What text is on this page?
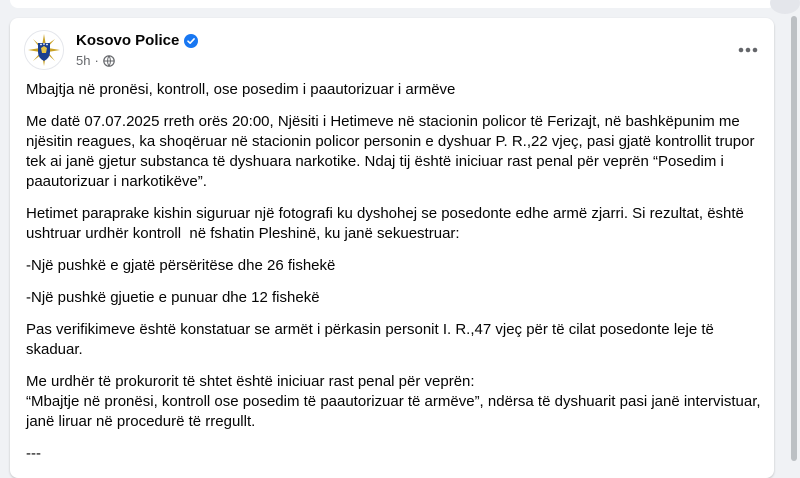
Kosovo Police
5h ·

Mbajtja në pronësi, kontroll, ose posedim i paautorizuar i armëve

Me datë 07.07.2025 rreth orës 20:00, Njësiti i Hetimeve në stacionin policor të Ferizajt, në bashkëpunim me njësitin reagues, ka shoqëruar në stacionin policor personin e dyshuar P. R.,22 vjeç, pasi gjatë kontrollit trupor tek ai janë gjetur substanca të dyshuara narkotike. Ndaj tij është iniciuar rast penal për veprën “Posedim i paautorizuar i narkotikëve”.

Hetimet paraprake kishin siguruar një fotografi ku dyshohej se posedonte edhe armë zjarri. Si rezultat, është ushtruar urdhër kontroll  në fshatin Pleshinë, ku janë sekuestruar:

-Një pushkë e gjatë përsëritëse dhe 26 fishekë

-Një pushkë gjuetie e punuar dhe 12 fishekë

Pas verifikimeve është konstatuar se armët i përkasin personit I. R.,47 vjeç për të cilat posedonte leje të skaduar.

Me urdhër të prokurorit të shtet është iniciuar rast penal për veprën:
“Mbajtje në pronësi, kontroll ose posedim të paautorizuar të armëve”, ndërsa të dyshuarit pasi janë intervistuar, janë liruar në procedurë të rregullt.

---
